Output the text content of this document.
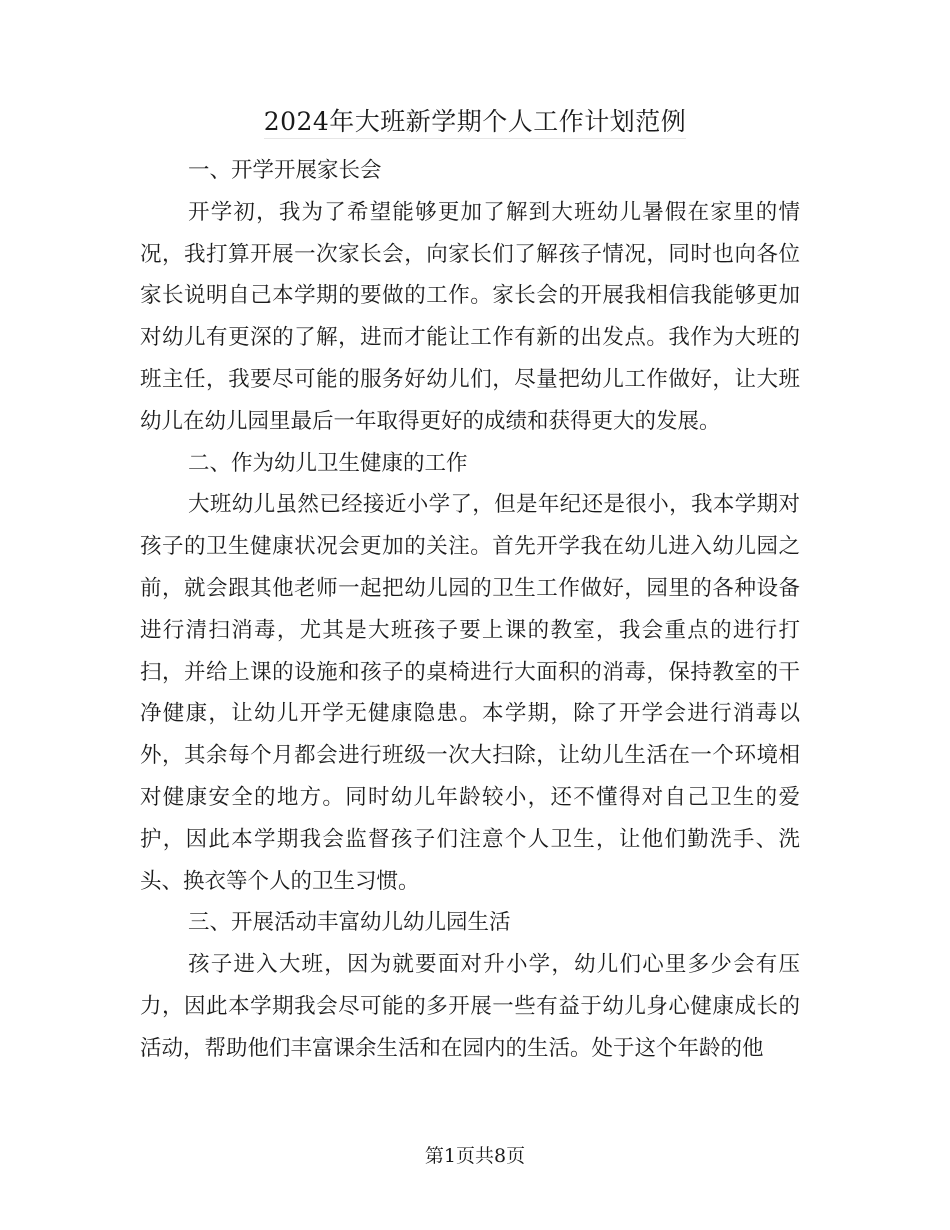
2024年大班新学期个人工作计划范例

一、开学开展家长会

开学初，我为了希望能够更加了解到大班幼儿暑假在家里的情况，我打算开展一次家长会，向家长们了解孩子情况，同时也向各位家长说明自己本学期的要做的工作。家长会的开展我相信我能够更加对幼儿有更深的了解，进而才能让工作有新的出发点。我作为大班的班主任，我要尽可能的服务好幼儿们，尽量把幼儿工作做好，让大班幼儿在幼儿园里最后一年取得更好的成绩和获得更大的发展。

二、作为幼儿卫生健康的工作

大班幼儿虽然已经接近小学了，但是年纪还是很小，我本学期对孩子的卫生健康状况会更加的关注。首先开学我在幼儿进入幼儿园之前，就会跟其他老师一起把幼儿园的卫生工作做好，园里的各种设备进行清扫消毒，尤其是大班孩子要上课的教室，我会重点的进行打扫，并给上课的设施和孩子的桌椅进行大面积的消毒，保持教室的干净健康，让幼儿开学无健康隐患。本学期，除了开学会进行消毒以外，其余每个月都会进行班级一次大扫除，让幼儿生活在一个环境相对健康安全的地方。同时幼儿年龄较小，还不懂得对自己卫生的爱护，因此本学期我会监督孩子们注意个人卫生，让他们勤洗手、洗头、换衣等个人的卫生习惯。

三、开展活动丰富幼儿幼儿园生活

孩子进入大班，因为就要面对升小学，幼儿们心里多少会有压力，因此本学期我会尽可能的多开展一些有益于幼儿身心健康成长的活动，帮助他们丰富课余生活和在园内的生活。处于这个年龄的他

第1页共8页
